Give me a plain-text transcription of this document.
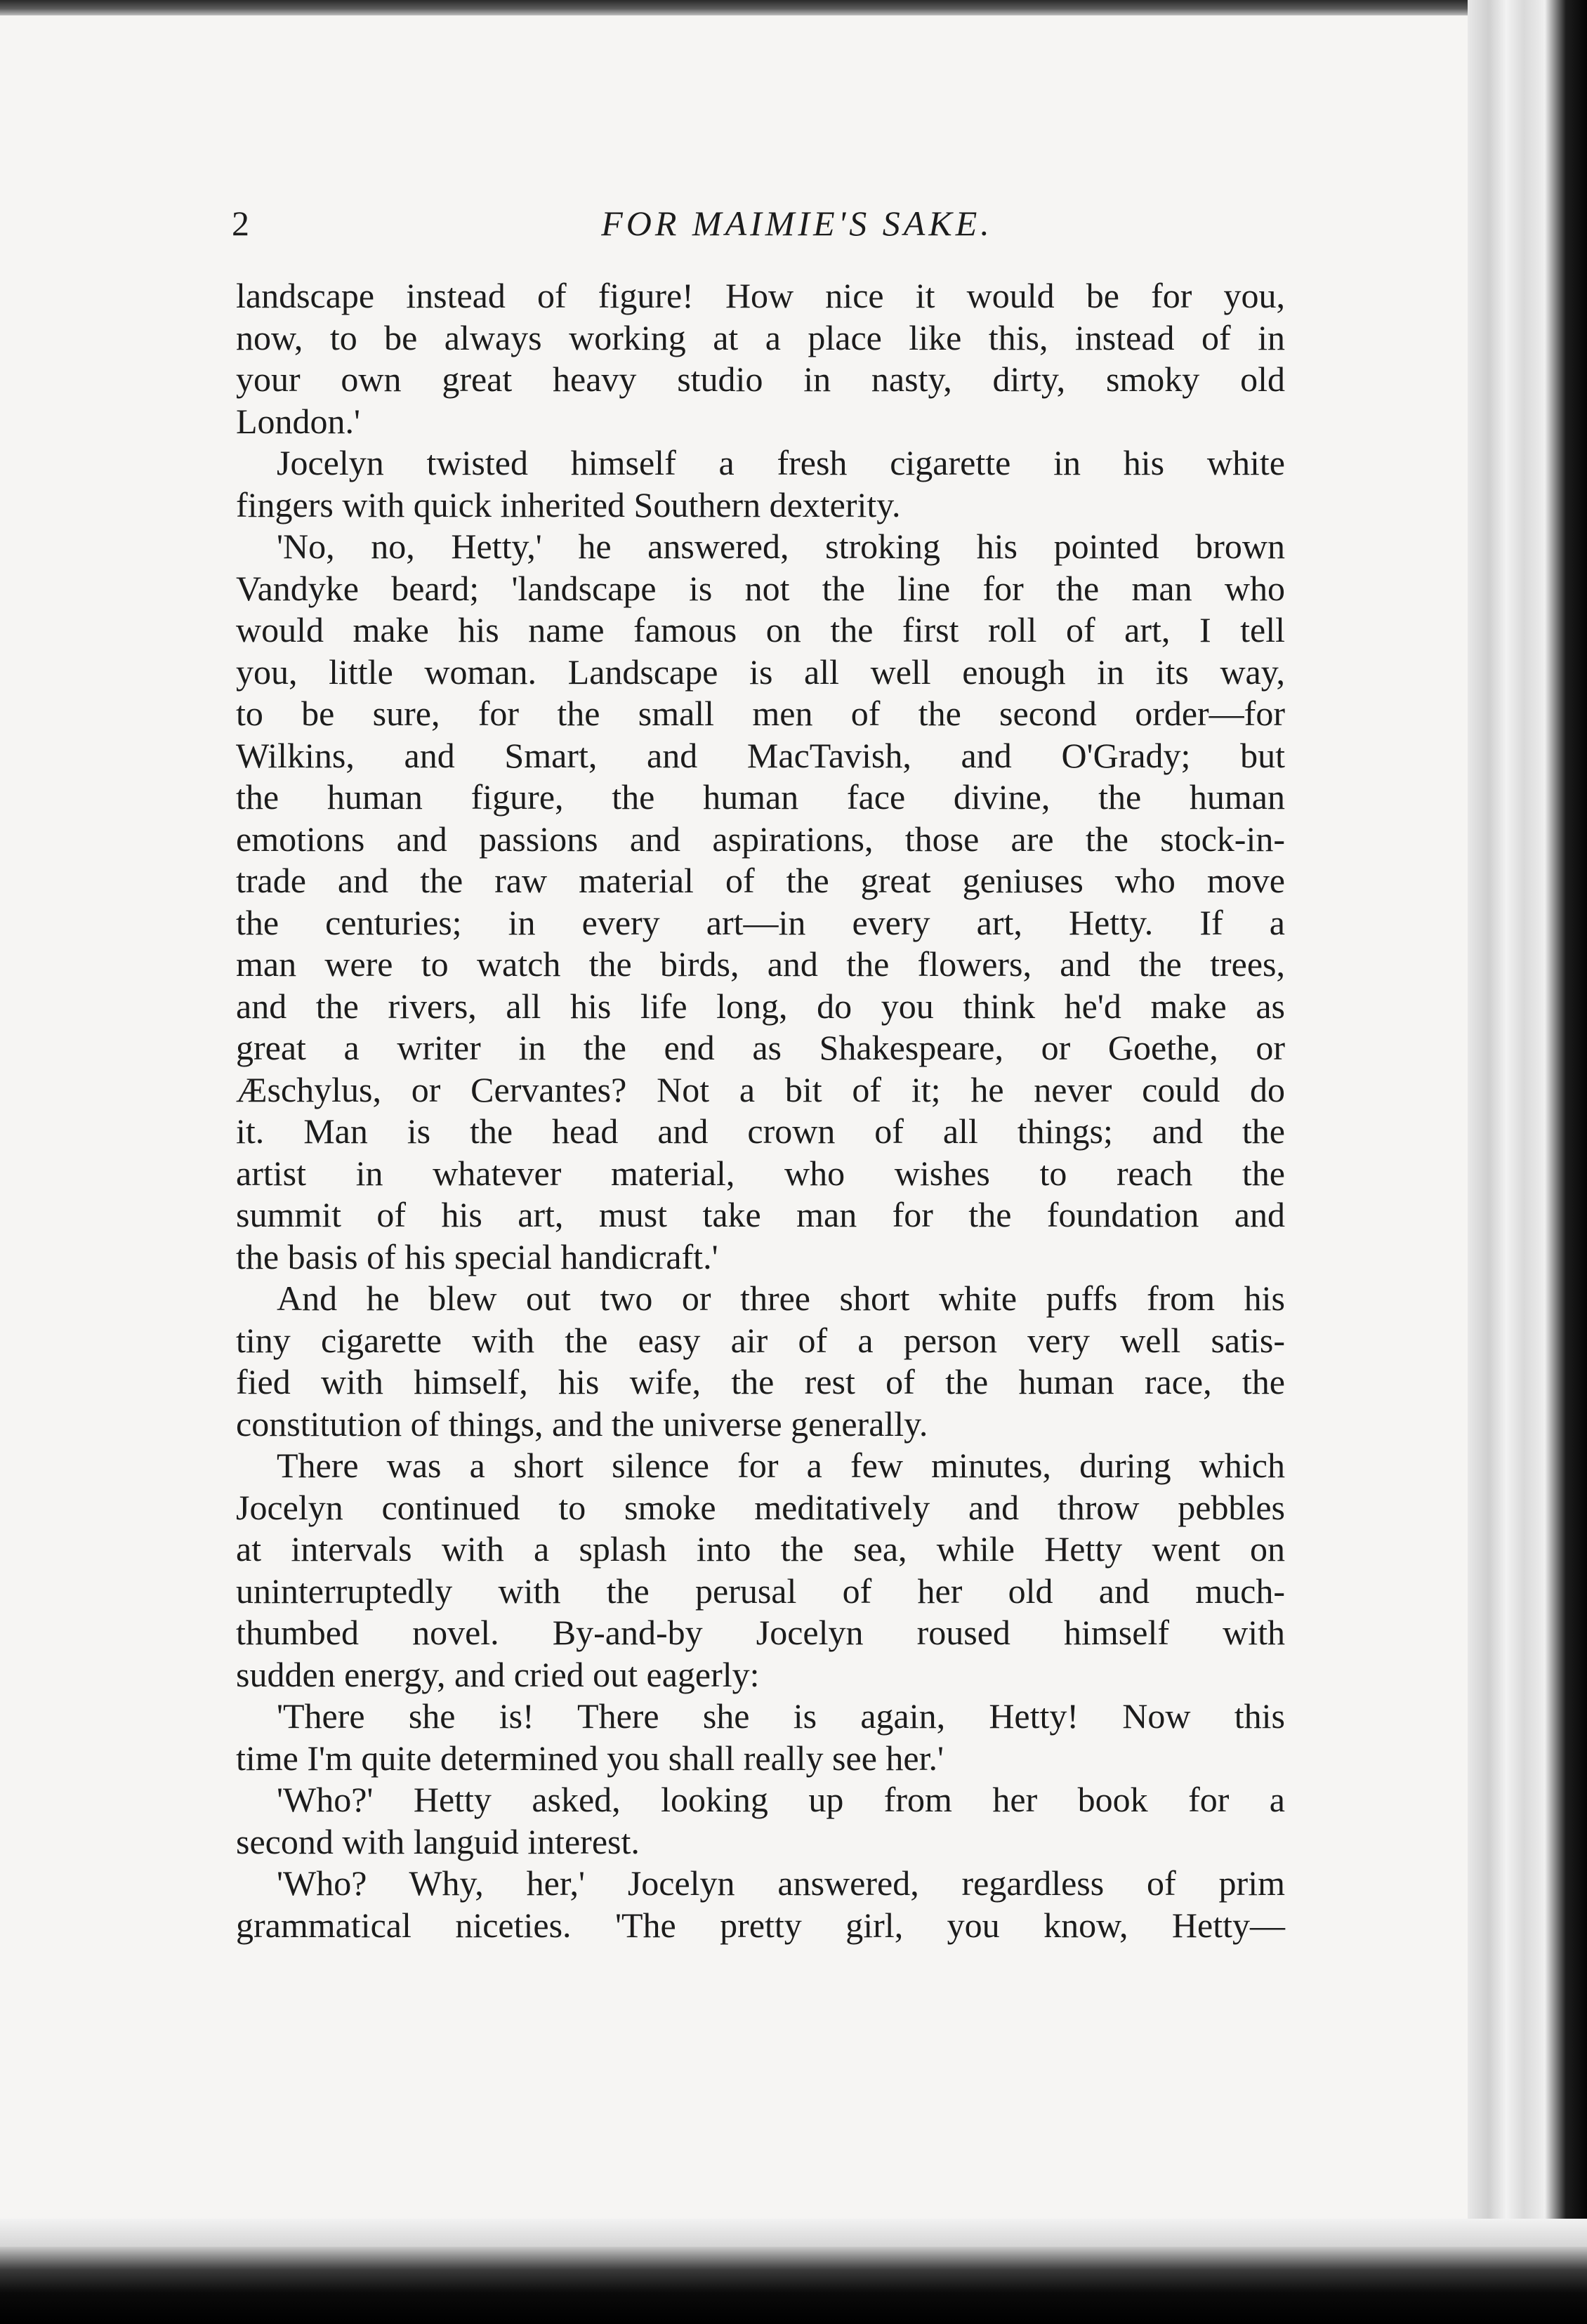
2	FOR MAIMIE'S SAKE.
landscape instead of figure! How nice it would be for you,
now, to be always working at a place like this, instead of in
your own great heavy studio in nasty, dirty, smoky old
London.'
Jocelyn twisted himself a fresh cigarette in his white
fingers with quick inherited Southern dexterity.
'No, no, Hetty,' he answered, stroking his pointed brown
Vandyke beard; 'landscape is not the line for the man who
would make his name famous on the first roll of art, I tell
you, little woman. Landscape is all well enough in its way,
to be sure, for the small men of the second order—for
Wilkins, and Smart, and MacTavish, and O'Grady; but
the human figure, the human face divine, the human
emotions and passions and aspirations, those are the stock-in-
trade and the raw material of the great geniuses who move
the centuries; in every art—in every art, Hetty. If a
man were to watch the birds, and the flowers, and the trees,
and the rivers, all his life long, do you think he'd make as
great a writer in the end as Shakespeare, or Goethe, or
Æschylus, or Cervantes? Not a bit of it; he never could do
it. Man is the head and crown of all things; and the
artist in whatever material, who wishes to reach the
summit of his art, must take man for the foundation and
the basis of his special handicraft.'
And he blew out two or three short white puffs from his
tiny cigarette with the easy air of a person very well satis-
fied with himself, his wife, the rest of the human race, the
constitution of things, and the universe generally.
There was a short silence for a few minutes, during which
Jocelyn continued to smoke meditatively and throw pebbles
at intervals with a splash into the sea, while Hetty went on
uninterruptedly with the perusal of her old and much-
thumbed novel. By-and-by Jocelyn roused himself with
sudden energy, and cried out eagerly:
'There she is! There she is again, Hetty! Now this
time I'm quite determined you shall really see her.'
'Who?' Hetty asked, looking up from her book for a
second with languid interest.
'Who? Why, her,' Jocelyn answered, regardless of prim
grammatical niceties. 'The pretty girl, you know, Hetty—
